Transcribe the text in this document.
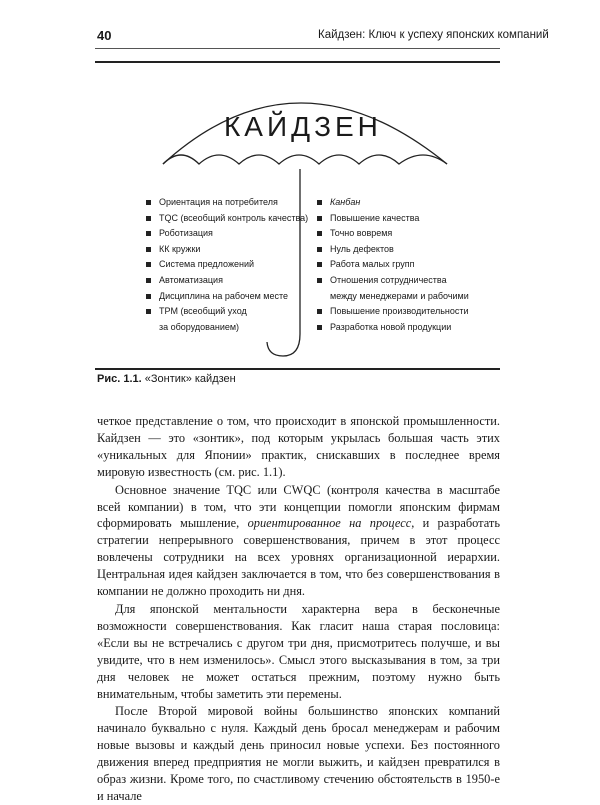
40	Кайдзен: Ключ к успеху японских компаний
КАЙДЗЕН
Ориентация на потребителя
TQC (всеобщий контроль качества)
Роботизация
КК кружки
Система предложений
Автоматизация
Дисциплина на рабочем месте
TPM (всеобщий уход
за оборудованием)
Канбан
Повышение качества
Точно вовремя
Нуль дефектов
Работа малых групп
Отношения сотрудничества
между менеджерами и рабочими
Повышение производительности
Разработка новой продукции
Рис. 1.1. «Зонтик» кайдзен

четкое представление о том, что происходит в японской промышленности. Кайдзен — это «зонтик», под которым укрылась большая часть этих «уникальных для Японии» практик, снискавших в последнее время мировую известность (см. рис. 1.1).

Основное значение TQC или CWQC (контроля качества в масштабе всей компании) в том, что эти концепции помогли японским фирмам сформировать мышление, ориентированное на процесс, и разработать стратегии непрерывного совершенствования, причем в этот процесс вовлечены сотрудники на всех уровнях организационной иерархии. Центральная идея кайдзен заключается в том, что без совершенствования в компании не должно проходить ни дня.

Для японской ментальности характерна вера в бесконечные возможности совершенствования. Как гласит наша старая пословица: «Если вы не встречались с другом три дня, присмотритесь получше, и вы увидите, что в нем изменилось». Смысл этого высказывания в том, за три дня человек не может остаться прежним, поэтому нужно быть внимательным, чтобы заметить эти перемены.

После Второй мировой войны большинство японских компаний начинало буквально с нуля. Каждый день бросал менеджерам и рабочим новые вызовы и каждый день приносил новые успехи. Без постоянного движения вперед предприятия не могли выжить, и кайдзен превратился в образ жизни. Кроме того, по счастливому стечению обстоятельств в 1950-е и начале
